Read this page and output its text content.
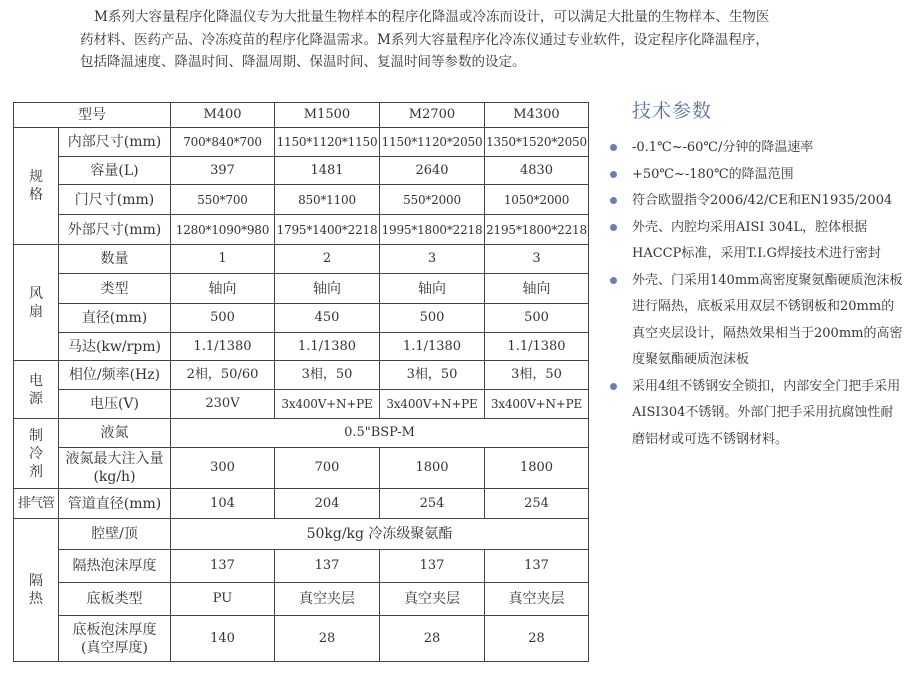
M系列大容量程序化降温仪专为大批量生物样本的程序化降温或冷冻而设计，可以满足大批量的生物样本、生物医

药材料、医药产品、冷冻疫苗的程序化降温需求。M系列大容量程序化冷冻仪通过专业软件，设定程序化降温程序，

包括降温速度、降温时间、降温周期、保温时间、复温时间等参数的设定。

型号		M400	M1500	M2700	M4300
规
格	内部尺寸(mm)	700*840*700	1150*1120*1150	1150*1120*2050	1350*1520*2050
	容量(L)	397	1481	2640	4830
	门尺寸(mm)	550*700	850*1100	550*2000	1050*2000
	外部尺寸(mm)	1280*1090*980	1795*1400*2218	1995*1800*2218	2195*1800*2218
风
扇	数量	1	2	3	3
	类型	轴向	轴向	轴向	轴向
	直径(mm)	500	450	500	500
	马达(kw/rpm)	1.1/1380	1.1/1380	1.1/1380	1.1/1380
电
源	相位/频率(Hz)	2相，50/60	3相，50	3相，50	3相，50
	电压(V)	230V	3x400V+N+PE	3x400V+N+PE	3x400V+N+PE
制
冷
剂	液氮	0.5"BSP-M			
	液氮最大注入量
(kg/h)	300	700	1800	1800
排气管	管道直径(mm)	104	204	254	254
隔
热	腔壁/顶	50kg/kg 冷冻级聚氨酯			
	隔热泡沫厚度	137	137	137	137
	底板类型	PU	真空夹层	真空夹层	真空夹层
	底板泡沫厚度
(真空厚度)	140	28	28	28
技术参数
-0.1℃~-60℃/分钟的降温速率
+50℃~-180℃的降温范围
符合欧盟指令2006/42/CE和EN1935/2004
外壳、内腔均采用AISI 304L，腔体根据HACCP标准，采用T.I.G焊接技术进行密封
外壳、门采用140mm高密度聚氨酯硬质泡沫板进行隔热，底板采用双层不锈钢板和20mm的真空夹层设计，隔热效果相当于200mm的高密度聚氨酯硬质泡沫板
采用4组不锈钢安全锁扣，内部安全门把手采用AISI304不锈钢。外部门把手采用抗腐蚀性耐磨铝材或可选不锈钢材料。
